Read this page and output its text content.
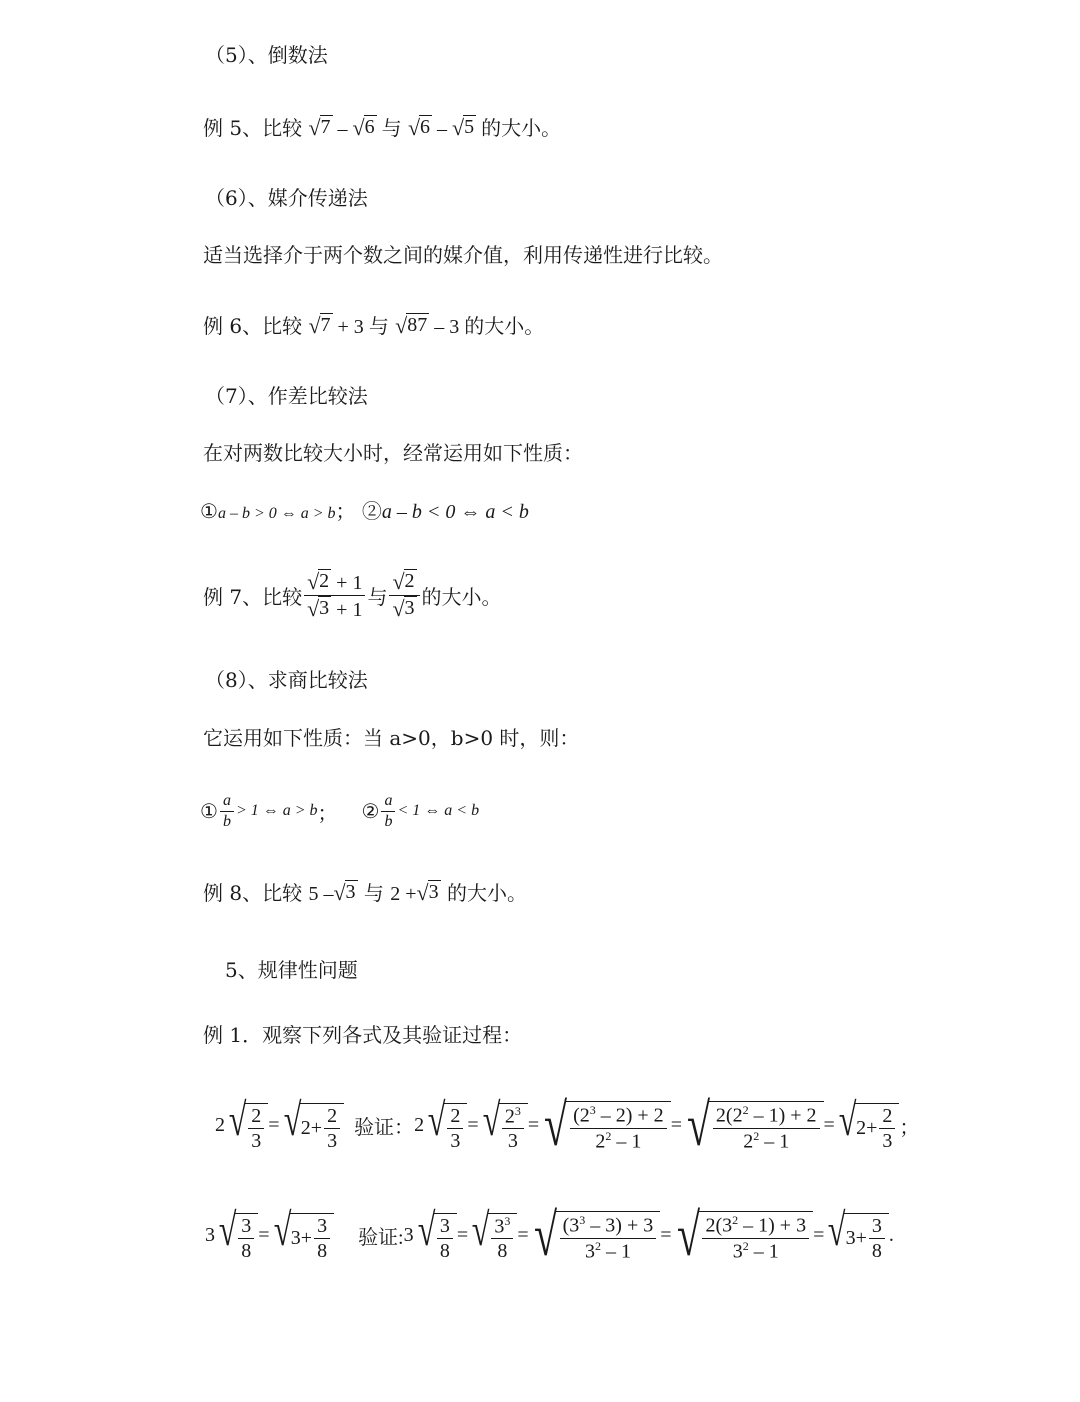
（5）、倒数法
例 5、比较 √ 7 – √ 6 与 √ 6 – √ 5 的大小。
（6）、媒介传递法
适当选择介于两个数之间的媒介值，利用传递性进行比较。
例 6、比较 √ 7 + 3 与 √ 87 – 3 的大小。
（7）、作差比较法
在对两数比较大小时，经常运用如下性质：
①a – b > 0 ⇔ a > b； ②a – b < 0 ⇔ a < b
例 7、比较 $\frac{√ 2 + 1}{√ 3 + 1}$ 与 $\frac{√ 2}{√ 3}$ 的大小。
（8）、求商比较法
它运用如下性质：当 a>0，b>0 时，则：
① $\frac{a}{b} > 1$ ⇔ a > b ； ② $\frac{a}{b} < 1$ ⇔ a < b
例 8、比较 5 – √ 3 与 2 + √ 3 的大小。
5、规律性问题
例 1．观察下列各式及其验证过程：
2 √ $\frac{2}{3}$ = √ $2+ \frac{2}{3}$ 验证： 2 √ $\frac{2}{3}$ = √ $\frac{2^3}{3}$ = √ $\frac{(2^3 - 2) + 2}{2^2 - 1}$ = √ $\frac{2(2^2 - 1) + 2}{2^2 - 1}$ = √ $2+ \frac{2}{3}$ ；
3 √ $\frac{3}{8}$ = √ $3+ \frac{3}{8}$ 验证: 3 √ $\frac{3}{8}$ = √ $\frac{3^3}{8}$ = √ $\frac{(3^3 - 3) + 3}{3^2 - 1}$ = √ $\frac{2(3^2 - 1) + 3}{3^2 - 1}$ = √ $3+ \frac{3}{8}$ .
